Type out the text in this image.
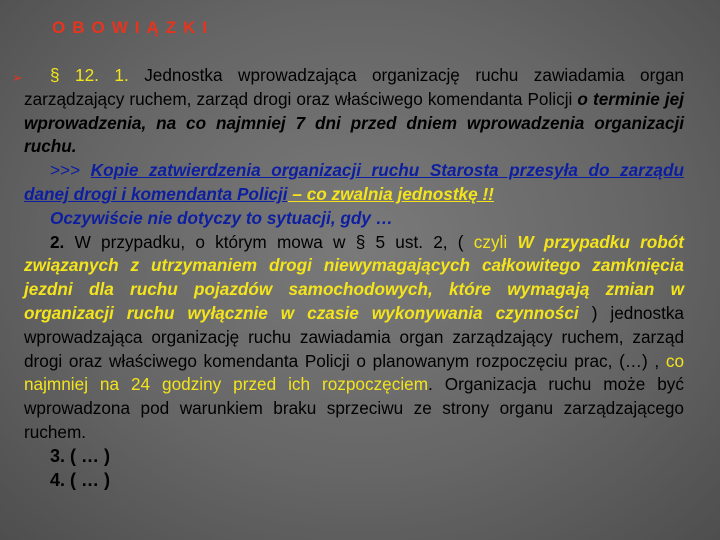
OBOWIĄZKI
➢	§ 12. 1. Jednostka wprowadzająca organizację ruchu zawiadamia organ zarządzający ruchem, zarząd drogi oraz właściwego komendanta Policji o terminie jej wprowadzenia, na co najmniej 7 dni przed dniem wprowadzenia organizacji ruchu.

>>> Kopie zatwierdzenia organizacji ruchu Starosta przesyła do zarządu danej drogi i komendanta Policji – co zwalnia jednostkę !!

Oczywiście nie dotyczy to sytuacji, gdy …

2. W przypadku, o którym mowa w § 5 ust. 2, ( czyli W przypadku robót związanych z utrzymaniem drogi niewymagających całkowitego zamknięcia jezdni dla ruchu pojazdów samochodowych, które wymagają zmian w organizacji ruchu wyłącznie w czasie wykonywania czynności ) jednostka wprowadzająca organizację ruchu zawiadamia organ zarządzający ruchem, zarząd drogi oraz właściwego komendanta Policji o planowanym rozpoczęciu prac, (…) , co najmniej na 24 godziny przed ich rozpoczęciem. Organizacja ruchu może być wprowadzona pod warunkiem braku sprzeciwu ze strony organu zarządzającego ruchem.

3. ( … )

4. ( … )
